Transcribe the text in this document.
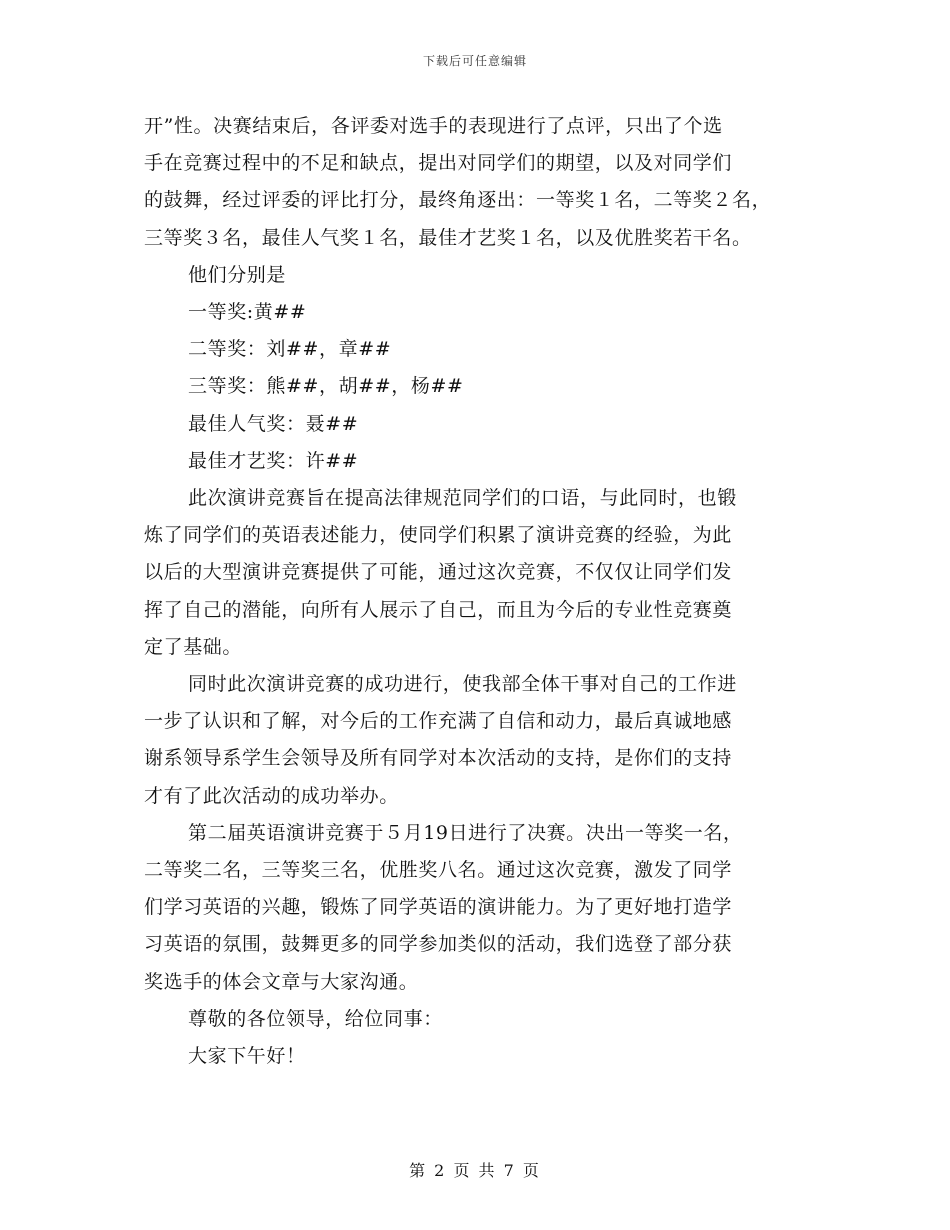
下载后可任意编辑

开”性。决赛结束后，各评委对选手的表现进行了点评，只出了个选
手在竞赛过程中的不足和缺点，提出对同学们的期望，以及对同学们
的鼓舞，经过评委的评比打分，最终角逐出：一等奖１名，二等奖２名，
三等奖３名，最佳人气奖１名，最佳才艺奖１名，以及优胜奖若干名。

他们分别是

一等奖:黄##
二等奖：刘##，章##
三等奖：熊##，胡##，杨##
最佳人气奖：聂##
最佳才艺奖：许##

此次演讲竞赛旨在提高法律规范同学们的口语，与此同时，也锻
炼了同学们的英语表述能力，使同学们积累了演讲竞赛的经验，为此
以后的大型演讲竞赛提供了可能，通过这次竞赛，不仅仅让同学们发
挥了自己的潜能，向所有人展示了自己，而且为今后的专业性竞赛奠
定了基础。

同时此次演讲竞赛的成功进行，使我部全体干事对自己的工作进
一步了认识和了解，对今后的工作充满了自信和动力，最后真诚地感
谢系领导系学生会领导及所有同学对本次活动的支持，是你们的支持
才有了此次活动的成功举办。

第二届英语演讲竞赛于５月19日进行了决赛。决出一等奖一名，
二等奖二名，三等奖三名，优胜奖八名。通过这次竞赛，激发了同学
们学习英语的兴趣，锻炼了同学英语的演讲能力。为了更好地打造学
习英语的氛围，鼓舞更多的同学参加类似的活动，我们选登了部分获
奖选手的体会文章与大家沟通。

尊敬的各位领导，给位同事：

大家下午好！

第 2 页 共 7 页
